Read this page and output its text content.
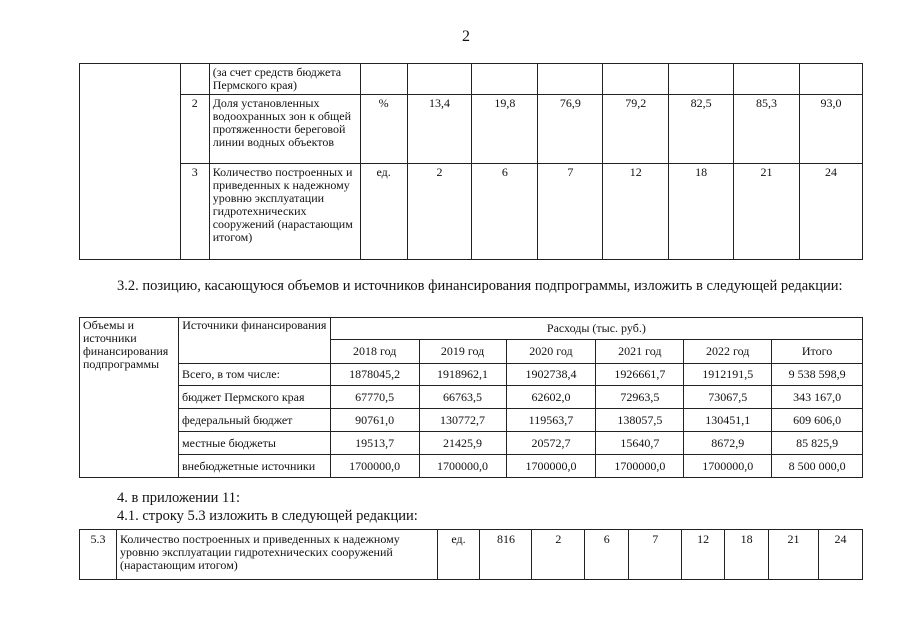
2
		(за счет средств бюджета Пермского края)								
	2	Доля установленных водоохранных зон к общей протяженности береговой линии водных объектов	%	13,4	19,8	76,9	79,2	82,5	85,3	93,0
	3	Количество построенных и приведенных к надежному уровню эксплуатации гидротехнических сооружений (нарастающим итогом)	ед.	2	6	7	12	18	21	24
3.2. позицию, касающуюся объемов и источников финансирования подпрограммы, изложить в следующей редакции:
Объемы и источники финансирования подпрограммы	Источники финансирования	Расходы (тыс. руб.)					
		2018 год	2019 год	2020 год	2021 год	2022 год	Итого
	Всего, в том числе:	1878045,2	1918962,1	1902738,4	1926661,7	1912191,5	9 538 598,9
	бюджет Пермского края	67770,5	66763,5	62602,0	72963,5	73067,5	343 167,0
	федеральный бюджет	90761,0	130772,7	119563,7	138057,5	130451,1	609 606,0
	местные бюджеты	19513,7	21425,9	20572,7	15640,7	8672,9	85 825,9
	внебюджетные источники	1700000,0	1700000,0	1700000,0	1700000,0	1700000,0	8 500 000,0
4. в приложении 11:
4.1. строку 5.3 изложить в следующей редакции:
5.3	Количество построенных и приведенных к надежному уровню эксплуатации гидротехнических сооружений (нарастающим итогом)	ед.	816	2	6	7	12	18	21	24
